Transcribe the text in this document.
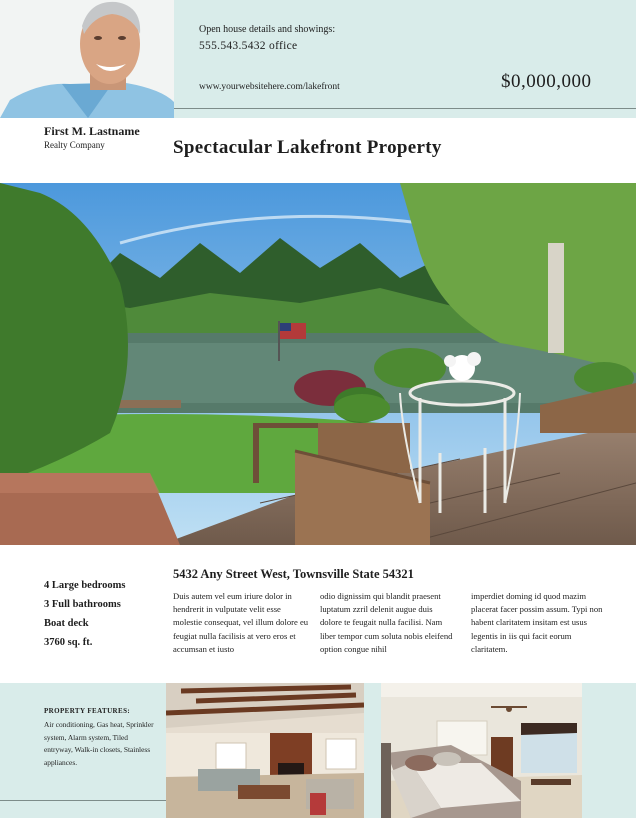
Open house details and showings:
555.543.5432 office
www.yourwebsitehere.com/lakefront	$0,000,000
First M. Lastname
Realty Company	Spectacular Lakefront Property
4 Large bedrooms
3 Full bathrooms
Boat deck
3760 sq. ft.
5432 Any Street West, Townsville State 54321
Duis autem vel eum iriure dolor in hendrerit in vulputate velit esse molestie consequat, vel illum dolore eu feugiat nulla facilisis at vero eros et accumsan et iusto
odio dignissim qui blandit praesent luptatum zzril delenit augue duis dolore te feugait nulla facilisi. Nam liber tempor cum soluta nobis eleifend option congue nihil
imperdiet doming id quod mazim placerat facer possim assum. Typi non habent claritatem insitam est usus legentis in iis qui facit eorum claritatem.
PROPERTY FEATURES:
Air conditioning, Gas heat, Sprinkler system, Alarm system, Tiled entryway, Walk-in closets, Stainless appliances.
